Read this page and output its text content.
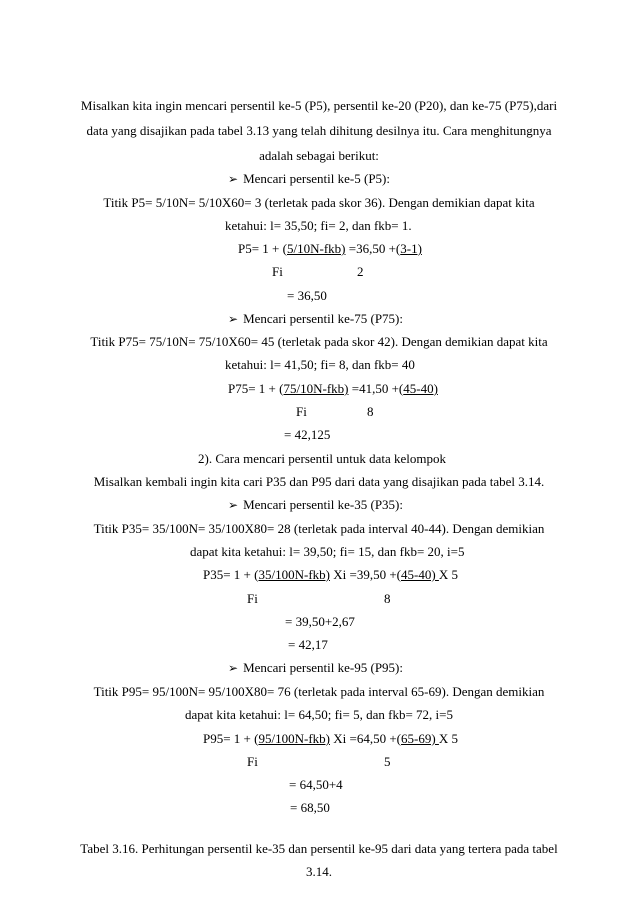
Misalkan kita ingin mencari persentil ke-5 (P5), persentil ke-20 (P20), dan ke-75 (P75),dari
data yang disajikan pada tabel 3.13 yang telah dihitung desilnya itu. Cara menghitungnya
adalah sebagai berikut:
➢ Mencari persentil ke-5 (P5):
Titik P5= 5/10N= 5/10X60= 3 (terletak pada skor 36). Dengan demikian dapat kita
ketahui: l= 35,50; fi= 2, dan fkb= 1.
P5= 1 + (5/10N-fkb) =36,50 +(3-1)
Fi	2
= 36,50
➢ Mencari persentil ke-75 (P75):
Titik P75= 75/10N= 75/10X60= 45 (terletak pada skor 42). Dengan demikian dapat kita
ketahui: l= 41,50; fi= 8, dan fkb= 40
P75= 1 + (75/10N-fkb) =41,50 +(45-40)
Fi	8
= 42,125
2). Cara mencari persentil untuk data kelompok
Misalkan kembali ingin kita cari P35 dan P95 dari data yang disajikan pada tabel 3.14.
➢ Mencari persentil ke-35 (P35):
Titik P35= 35/100N= 35/100X80= 28 (terletak pada interval 40-44). Dengan demikian
dapat kita ketahui: l= 39,50; fi= 15, dan fkb= 20, i=5
P35= 1 + (35/100N-fkb) Xi =39,50 +(45-40) X 5
Fi	8
= 39,50+2,67
= 42,17
➢ Mencari persentil ke-95 (P95):
Titik P95= 95/100N= 95/100X80= 76 (terletak pada interval 65-69). Dengan demikian
dapat kita ketahui: l= 64,50; fi= 5, dan fkb= 72, i=5
P95= 1 + (95/100N-fkb) Xi =64,50 +(65-69) X 5
Fi	5
= 64,50+4
= 68,50
Tabel 3.16. Perhitungan persentil ke-35 dan persentil ke-95 dari data yang tertera pada tabel
3.14.
